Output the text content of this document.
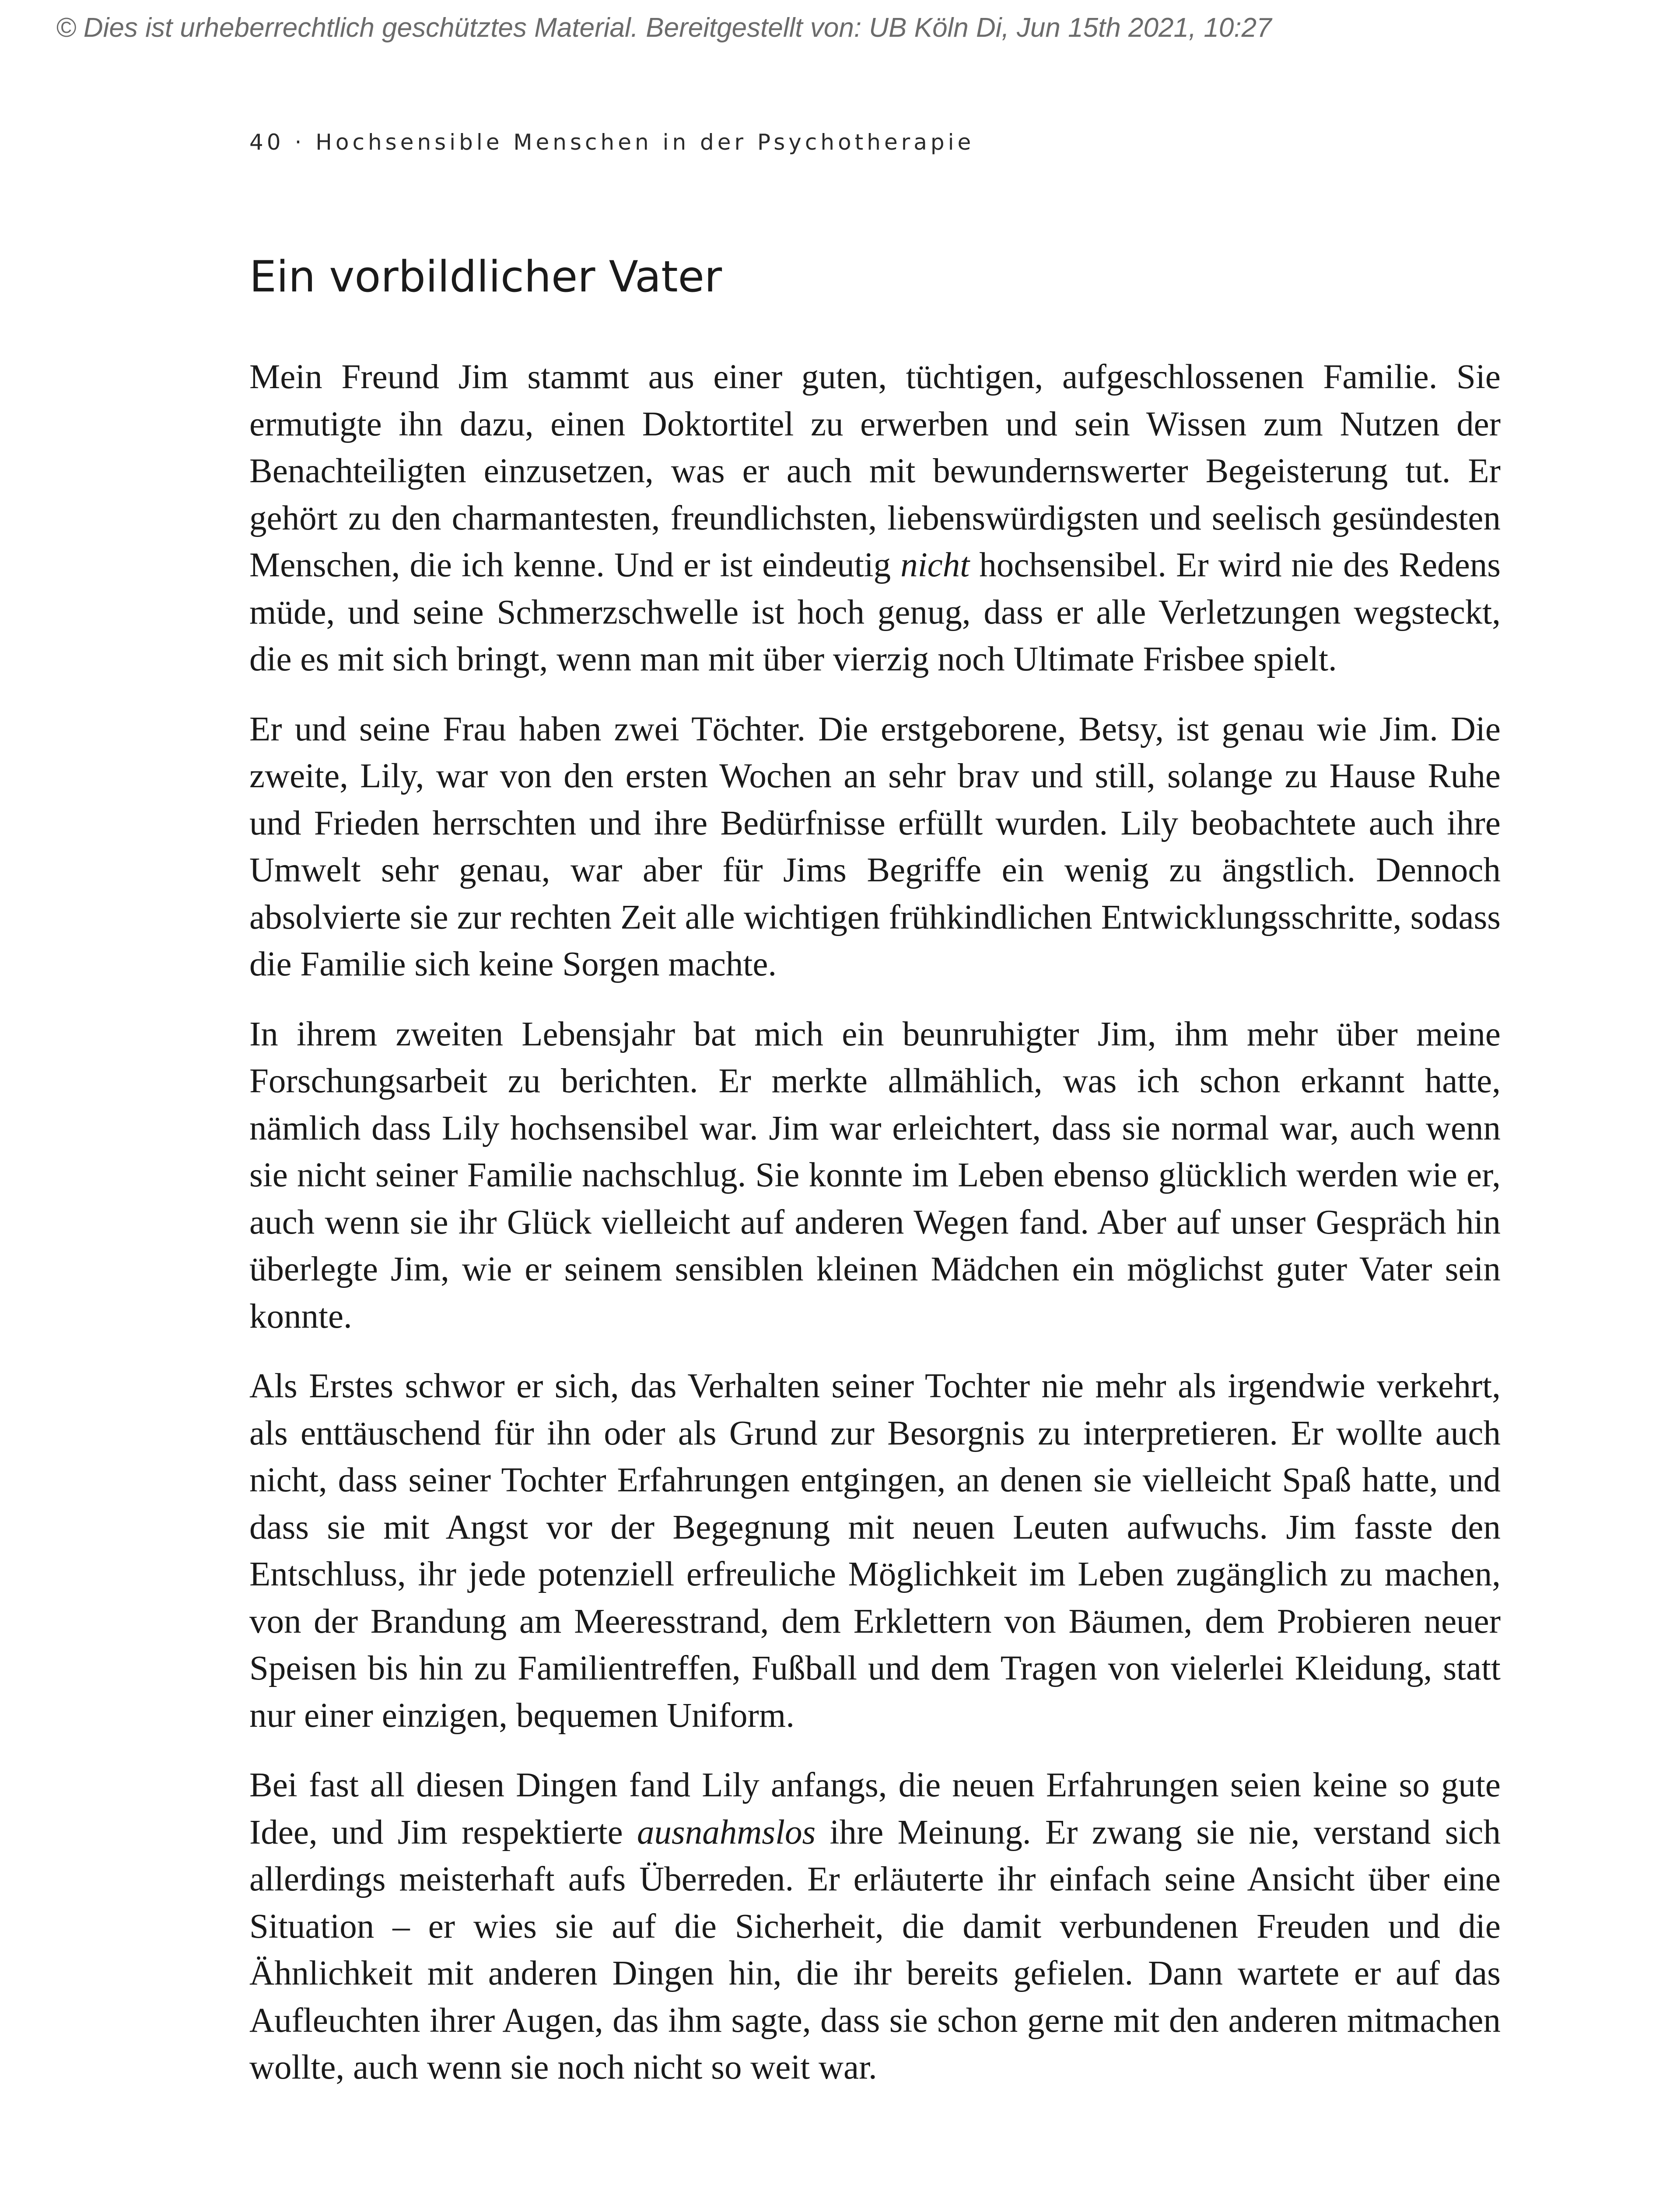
© Dies ist urheberrechtlich geschütztes Material. Bereitgestellt von: UB Köln Di, Jun 15th 2021, 10:27
40 · Hochsensible Menschen in der Psychotherapie
Ein vorbildlicher Vater

Mein Freund Jim stammt aus einer guten, tüchtigen, aufgeschlossenen Familie. Sie ermutigte ihn dazu, einen Doktortitel zu erwerben und sein Wissen zum Nutzen der Benachteiligten einzusetzen, was er auch mit bewundernswerter Begeisterung tut. Er gehört zu den charmantesten, freundlichsten, liebenswürdigsten und seelisch gesündesten Menschen, die ich kenne. Und er ist eindeutig nicht hochsensibel. Er wird nie des Redens müde, und seine Schmerzschwelle ist hoch genug, dass er alle Verletzungen wegsteckt, die es mit sich bringt, wenn man mit über vierzig noch Ultimate Frisbee spielt.

Er und seine Frau haben zwei Töchter. Die erstgeborene, Betsy, ist genau wie Jim. Die zweite, Lily, war von den ersten Wochen an sehr brav und still, solange zu Hause Ruhe und Frieden herrschten und ihre Bedürfnisse erfüllt wurden. Lily beobachtete auch ihre Umwelt sehr genau, war aber für Jims Begriffe ein wenig zu ängstlich. Dennoch absolvierte sie zur rechten Zeit alle wichtigen frühkindlichen Entwicklungsschritte, sodass die Familie sich keine Sorgen machte.

In ihrem zweiten Lebensjahr bat mich ein beunruhigter Jim, ihm mehr über meine Forschungsarbeit zu berichten. Er merkte allmählich, was ich schon erkannt hatte, nämlich dass Lily hochsensibel war. Jim war erleichtert, dass sie normal war, auch wenn sie nicht seiner Familie nachschlug. Sie konnte im Leben ebenso glücklich werden wie er, auch wenn sie ihr Glück vielleicht auf anderen Wegen fand. Aber auf unser Gespräch hin überlegte Jim, wie er seinem sensiblen kleinen Mädchen ein möglichst guter Vater sein konnte.

Als Erstes schwor er sich, das Verhalten seiner Tochter nie mehr als irgendwie verkehrt, als enttäuschend für ihn oder als Grund zur Besorgnis zu interpretieren. Er wollte auch nicht, dass seiner Tochter Erfahrungen entgingen, an denen sie vielleicht Spaß hatte, und dass sie mit Angst vor der Begegnung mit neuen Leuten aufwuchs. Jim fasste den Entschluss, ihr jede potenziell erfreuliche Möglichkeit im Leben zugänglich zu machen, von der Brandung am Meeresstrand, dem Erklettern von Bäumen, dem Probieren neuer Speisen bis hin zu Familientreffen, Fußball und dem Tragen von vielerlei Kleidung, statt nur einer einzigen, bequemen Uniform.

Bei fast all diesen Dingen fand Lily anfangs, die neuen Erfahrungen seien keine so gute Idee, und Jim respektierte ausnahmslos ihre Meinung. Er zwang sie nie, verstand sich allerdings meisterhaft aufs Überreden. Er erläuterte ihr einfach seine Ansicht über eine Situation – er wies sie auf die Sicherheit, die damit verbundenen Freuden und die Ähnlichkeit mit anderen Dingen hin, die ihr bereits gefielen. Dann wartete er auf das Aufleuchten ihrer Augen, das ihm sagte, dass sie schon gerne mit den anderen mitmachen wollte, auch wenn sie noch nicht so weit war.
